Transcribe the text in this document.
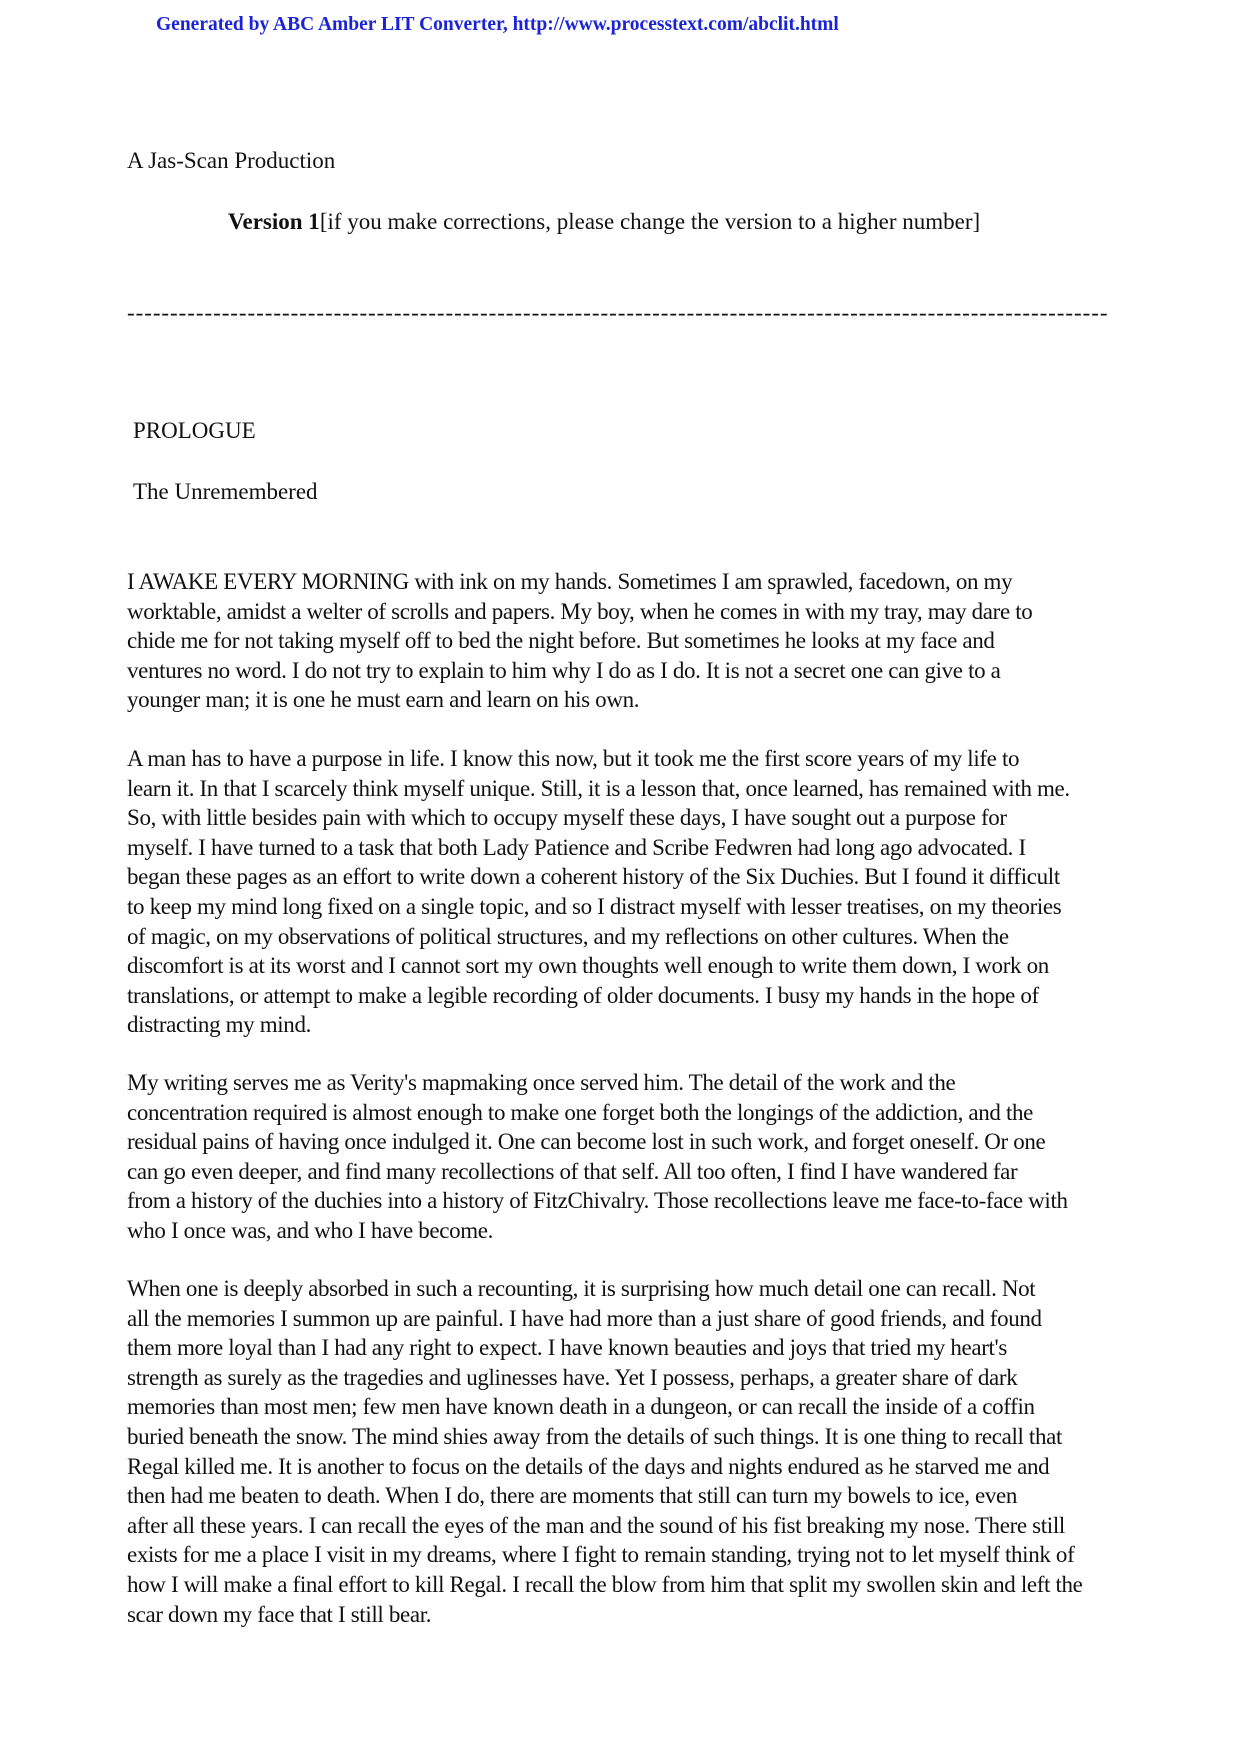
Generated by ABC Amber LIT Converter, http://www.processtext.com/abclit.html
A Jas-Scan Production
Version 1[if you make corrections, please change the version to a higher number]
------------------------------------------------------------------------------------------------------------------
PROLOGUE
The Unremembered
I AWAKE EVERY MORNING with ink on my hands. Sometimes I am sprawled, facedown, on my
worktable, amidst a welter of scrolls and papers. My boy, when he comes in with my tray, may dare to
chide me for not taking myself off to bed the night before. But sometimes he looks at my face and
ventures no word. I do not try to explain to him why I do as I do. It is not a secret one can give to a
younger man; it is one he must earn and learn on his own.
A man has to have a purpose in life. I know this now, but it took me the first score years of my life to
learn it. In that I scarcely think myself unique. Still, it is a lesson that, once learned, has remained with me.
So, with little besides pain with which to occupy myself these days, I have sought out a purpose for
myself. I have turned to a task that both Lady Patience and Scribe Fedwren had long ago advocated. I
began these pages as an effort to write down a coherent history of the Six Duchies. But I found it difficult
to keep my mind long fixed on a single topic, and so I distract myself with lesser treatises, on my theories
of magic, on my observations of political structures, and my reflections on other cultures. When the
discomfort is at its worst and I cannot sort my own thoughts well enough to write them down, I work on
translations, or attempt to make a legible recording of older documents. I busy my hands in the hope of
distracting my mind.
My writing serves me as Verity's mapmaking once served him. The detail of the work and the
concentration required is almost enough to make one forget both the longings of the addiction, and the
residual pains of having once indulged it. One can become lost in such work, and forget oneself. Or one
can go even deeper, and find many recollections of that self. All too often, I find I have wandered far
from a history of the duchies into a history of FitzChivalry. Those recollections leave me face-to-face with
who I once was, and who I have become.
When one is deeply absorbed in such a recounting, it is surprising how much detail one can recall. Not
all the memories I summon up are painful. I have had more than a just share of good friends, and found
them more loyal than I had any right to expect. I have known beauties and joys that tried my heart's
strength as surely as the tragedies and uglinesses have. Yet I possess, perhaps, a greater share of dark
memories than most men; few men have known death in a dungeon, or can recall the inside of a coffin
buried beneath the snow. The mind shies away from the details of such things. It is one thing to recall that
Regal killed me. It is another to focus on the details of the days and nights endured as he starved me and
then had me beaten to death. When I do, there are moments that still can turn my bowels to ice, even
after all these years. I can recall the eyes of the man and the sound of his fist breaking my nose. There still
exists for me a place I visit in my dreams, where I fight to remain standing, trying not to let myself think of
how I will make a final effort to kill Regal. I recall the blow from him that split my swollen skin and left the
scar down my face that I still bear.
